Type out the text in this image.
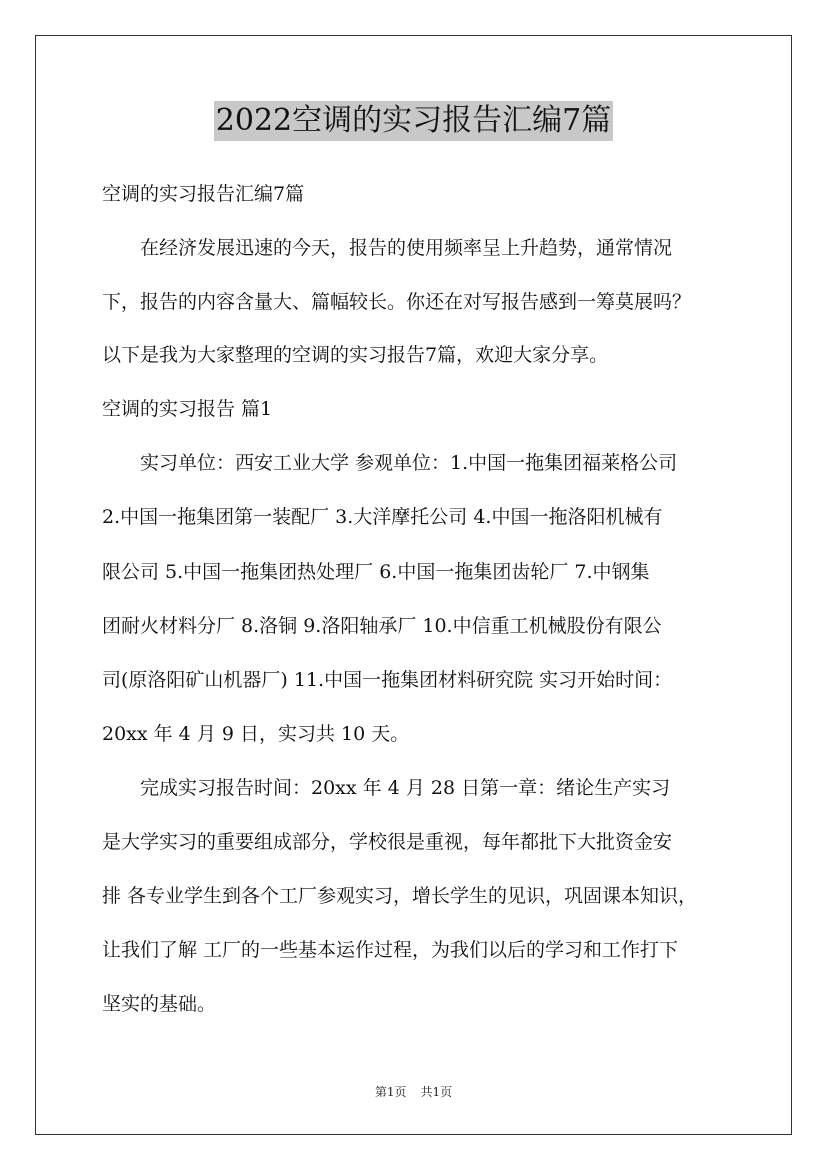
2022空调的实习报告汇编7篇
空调的实习报告汇编7篇
　　在经济发展迅速的今天，报告的使用频率呈上升趋势，通常情况
下，报告的内容含量大、篇幅较长。你还在对写报告感到一筹莫展吗？
以下是我为大家整理的空调的实习报告7篇，欢迎大家分享。
空调的实习报告 篇1
　　实习单位：西安工业大学 参观单位：1.中国一拖集团福莱格公司
2.中国一拖集团第一装配厂 3.大洋摩托公司 4.中国一拖洛阳机械有
限公司 5.中国一拖集团热处理厂 6.中国一拖集团齿轮厂 7.中钢集
团耐火材料分厂 8.洛铜 9.洛阳轴承厂 10.中信重工机械股份有限公
司(原洛阳矿山机器厂) 11.中国一拖集团材料研究院 实习开始时间：
20xx 年 4 月 9 日，实习共 10 天。
　　完成实习报告时间：20xx 年 4 月 28 日第一章：绪论生产实习
是大学实习的重要组成部分，学校很是重视，每年都批下大批资金安
排 各专业学生到各个工厂参观实习，增长学生的见识，巩固课本知识，
让我们了解 工厂的一些基本运作过程，为我们以后的学习和工作打下
坚实的基础。
第1页 共1页
